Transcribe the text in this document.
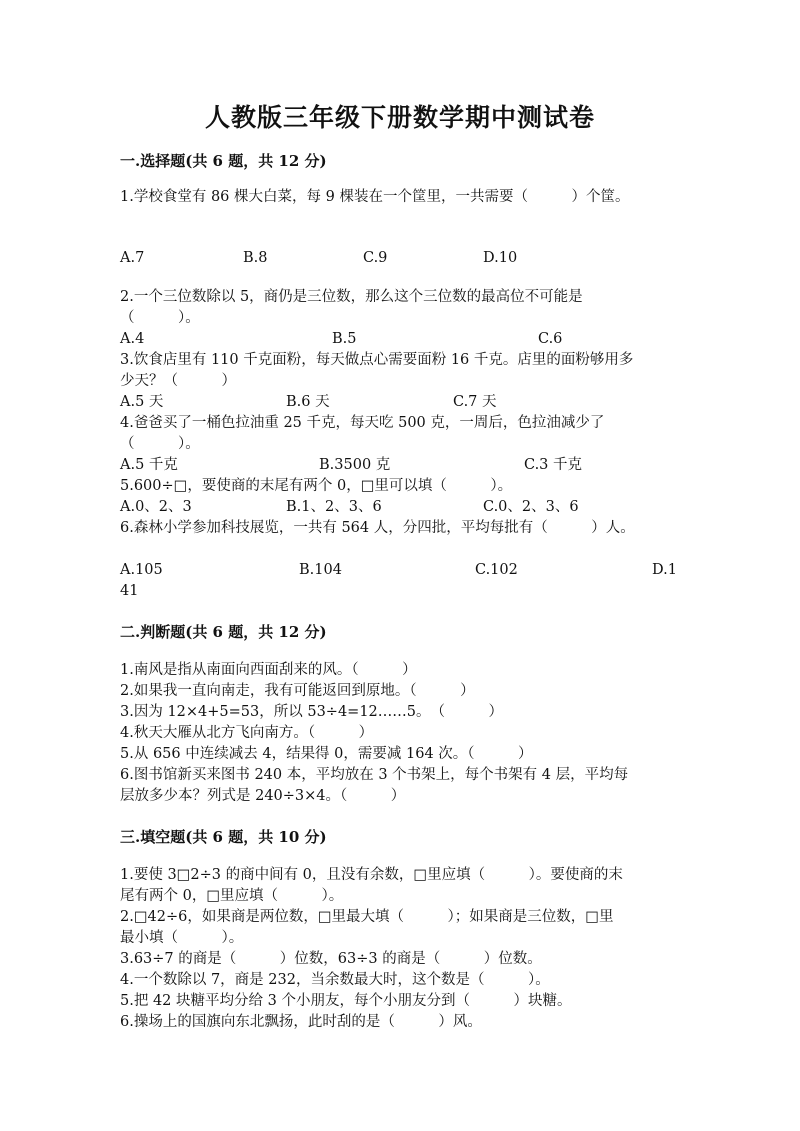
人教版三年级下册数学期中测试卷
一.选择题(共 6 题，共 12 分)
1.学校食堂有 86 棵大白菜，每 9 棵装在一个筐里，一共需要（　　　）个筐。
A.7	B.8	C.9	D.10
2.一个三位数除以 5，商仍是三位数，那么这个三位数的最高位不可能是
（　　　）。
A.4	B.5	C.6
3.饮食店里有 110 千克面粉，每天做点心需要面粉 16 千克。店里的面粉够用多
少天？（　　　）
A.5 天	B.6 天	C.7 天
4.爸爸买了一桶色拉油重 25 千克，每天吃 500 克，一周后，色拉油减少了
（　　　）。
A.5 千克	B.3500 克	C.3 千克
5.600÷□，要使商的末尾有两个 0，□里可以填（　　　）。
A.0、2、3	B.1、2、3、6	C.0、2、3、6
6.森林小学参加科技展览，一共有 564 人，分四批，平均每批有（　　　）人。
A.105	B.104	C.102	D.1
41
二.判断题(共 6 题，共 12 分)
1.南风是指从南面向西面刮来的风。（　　　）
2.如果我一直向南走，我有可能返回到原地。（　　　）
3.因为 12×4+5=53，所以 53÷4=12……5。　（　　　）
4.秋天大雁从北方飞向南方。（　　　）
5.从 656 中连续减去 4，结果得 0，需要减 164 次。（　　　）
6.图书馆新买来图书 240 本，平均放在 3 个书架上，每个书架有 4 层，平均每
层放多少本？列式是 240÷3×4。（　　　）
三.填空题(共 6 题，共 10 分)
1.要使 3□2÷3 的商中间有 0，且没有余数，□里应填（　　　）。要使商的末
尾有两个 0，□里应填（　　　）。
2.□42÷6，如果商是两位数，□里最大填（　　　）；如果商是三位数，□里
最小填（　　　）。
3.63÷7 的商是（　　　）位数，63÷3 的商是（　　　）位数。
4.一个数除以 7，商是 232，当余数最大时，这个数是（　　　）。
5.把 42 块糖平均分给 3 个小朋友，每个小朋友分到（　　　）块糖。
6.操场上的国旗向东北飘扬，此时刮的是（　　　）风。
